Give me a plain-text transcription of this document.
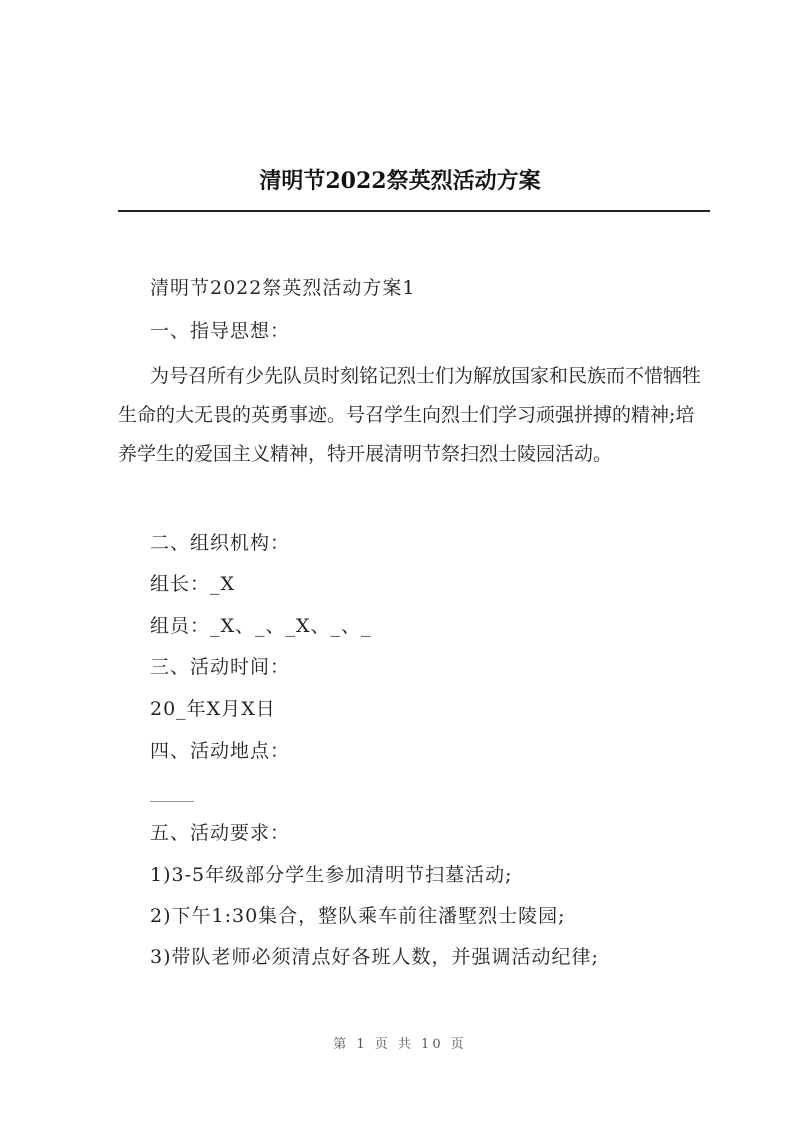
清明节2022祭英烈活动方案
清明节2022祭英烈活动方案1
一、指导思想：
为号召所有少先队员时刻铭记烈士们为解放国家和民族而不惜牺牲生命的大无畏的英勇事迹。号召学生向烈士们学习顽强拼搏的精神;培养学生的爱国主义精神，特开展清明节祭扫烈士陵园活动。
二、组织机构：
组长：_X
组员：_X、_、_X、_、_
三、活动时间：
20_年X月X日
四、活动地点：
五、活动要求：
1)3-5年级部分学生参加清明节扫墓活动;
2)下午1:30集合，整队乘车前往潘墅烈士陵园;
3)带队老师必须清点好各班人数，并强调活动纪律;
第 1 页 共 10 页
